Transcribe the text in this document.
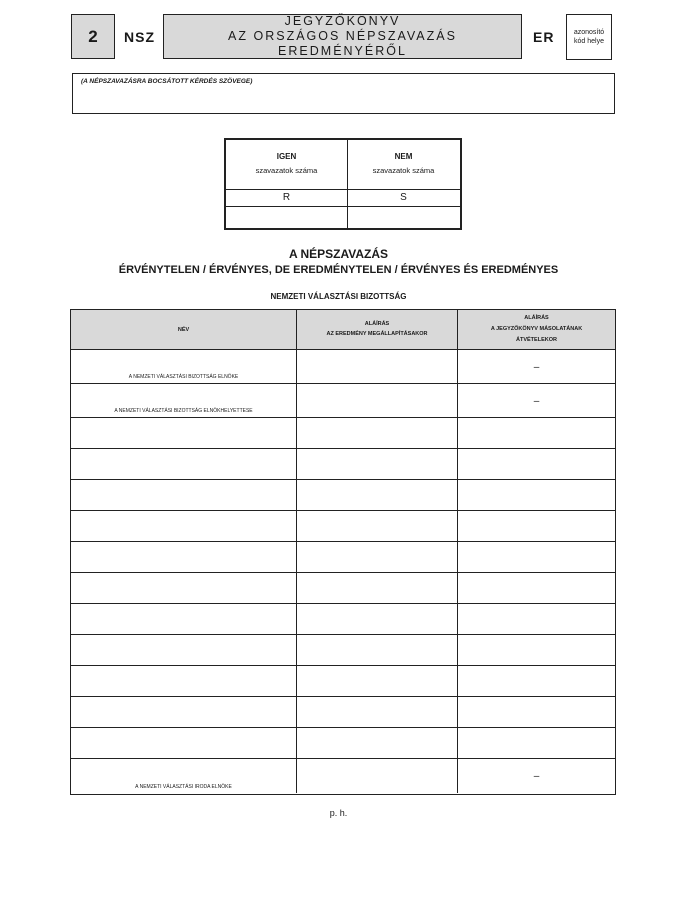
2 NSZ
JEGYZŐKÖNYV
AZ ORSZÁGOS NÉPSZAVAZÁS EREDMÉNYÉRŐL
ER	azonosító
kód helye
(A NÉPSZAVAZÁSRA BOCSÁTOTT KÉRDÉS SZÖVEGE)
IGEN
szavazatok száma
R
NEM
szavazatok száma
S
A NÉPSZAVAZÁS
ÉRVÉNYTELEN / ÉRVÉNYES, DE EREDMÉNYTELEN / ÉRVÉNYES ÉS EREDMÉNYES
NEMZETI VÁLASZTÁSI BIZOTTSÁG
NÉV
ALÁÍRÁS
AZ EREDMÉNY MEGÁLLAPÍTÁSAKOR
ALÁÍRÁS
A JEGYZŐKÖNYV MÁSOLATÁNAK
ÁTVÉTELEKOR
A NEMZETI VÁLASZTÁSI BIZOTTSÁG ELNÖKE
–
A NEMZETI VÁLASZTÁSI BIZOTTSÁG ELNÖKHELYETTESE
–
A NEMZETI VÁLASZTÁSI IRODA ELNÖKE
–
p. h.
